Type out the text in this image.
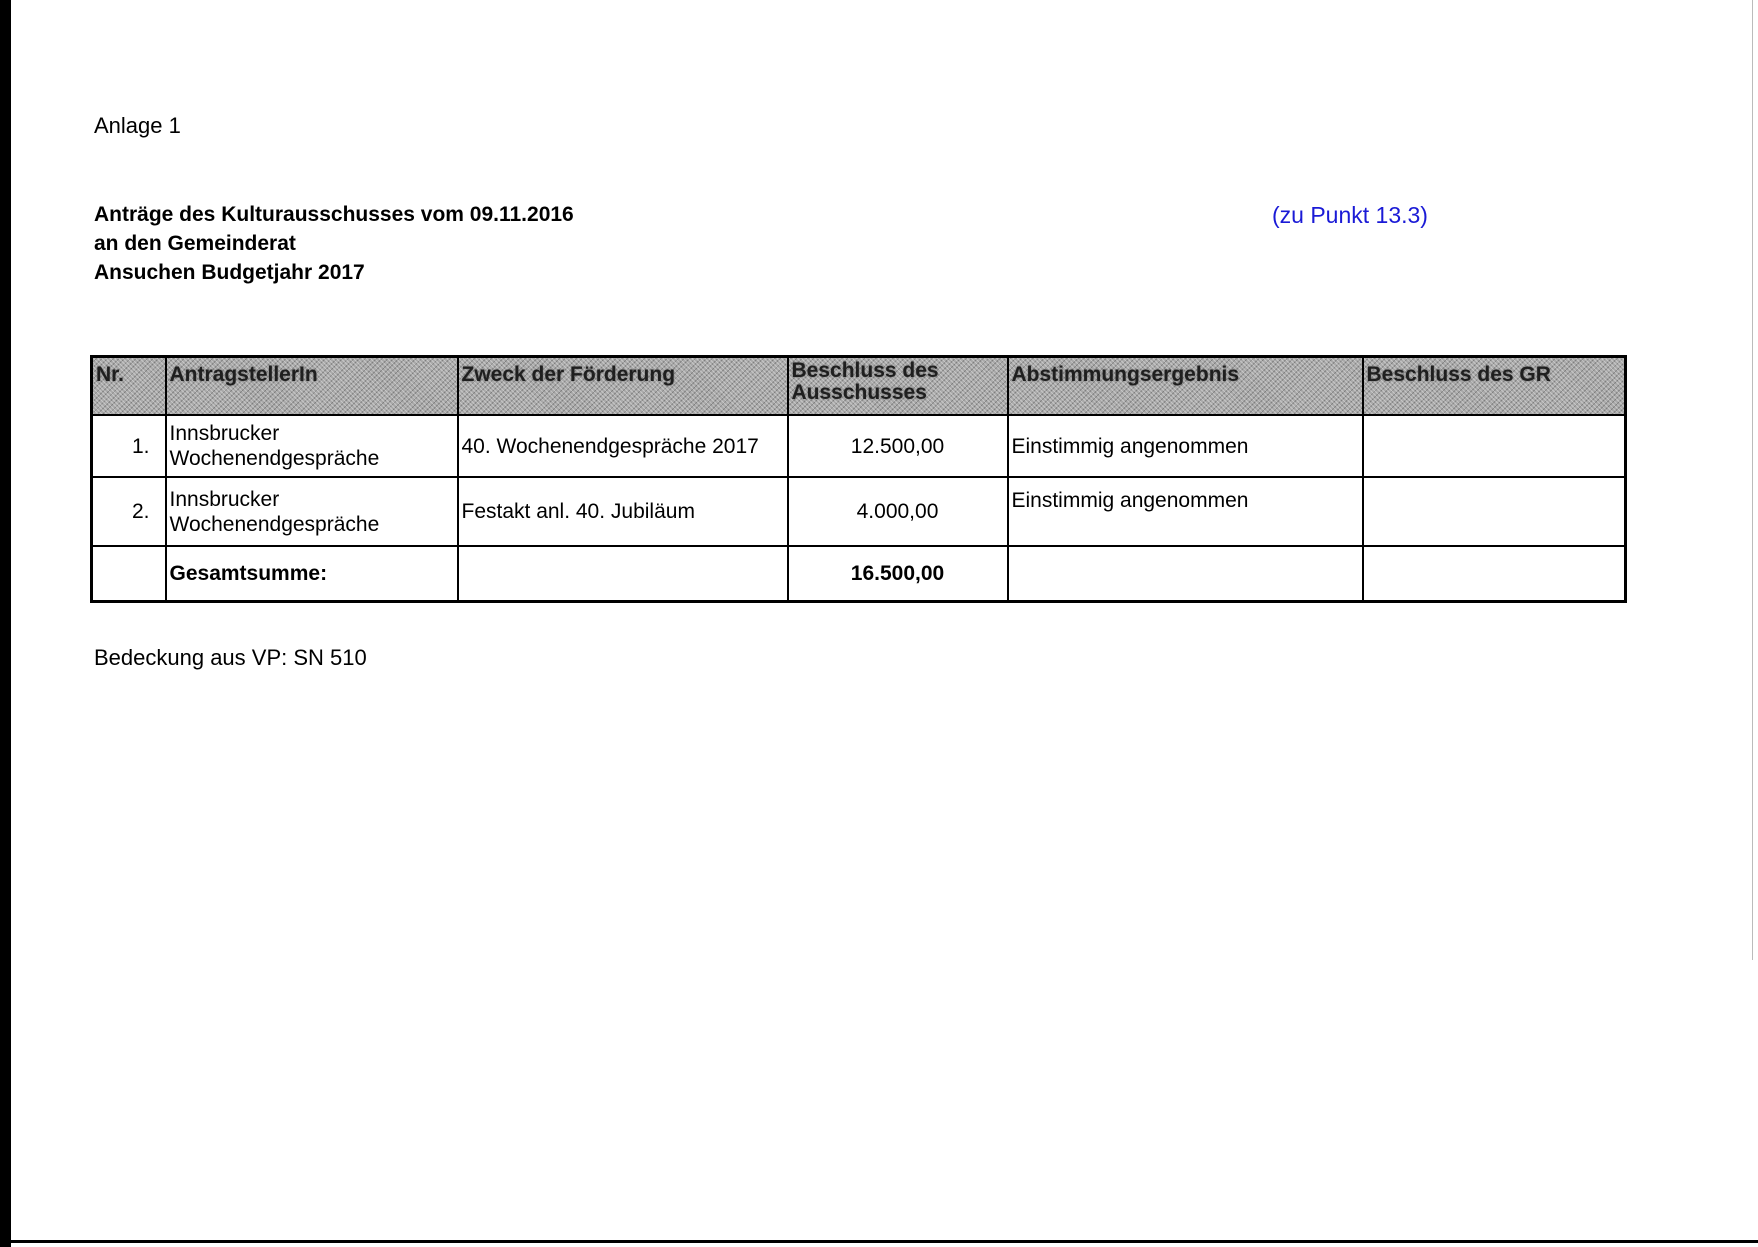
Anlage 1
Anträge des Kulturausschusses vom 09.11.2016
an den Gemeinderat
Ansuchen Budgetjahr 2017
(zu Punkt 13.3)
Nr.	AntragstellerIn	Zweck der Förderung	Beschluss des Ausschusses	Abstimmungsergebnis	Beschluss des GR
1.	Innsbrucker Wochenendgespräche	40. Wochenendgespräche 2017	12.500,00	Einstimmig angenommen	
2.	Innsbrucker Wochenendgespräche	Festakt anl. 40. Jubiläum	4.000,00	Einstimmig angenommen	
	Gesamtsumme:		16.500,00		
Bedeckung aus VP: SN 510
